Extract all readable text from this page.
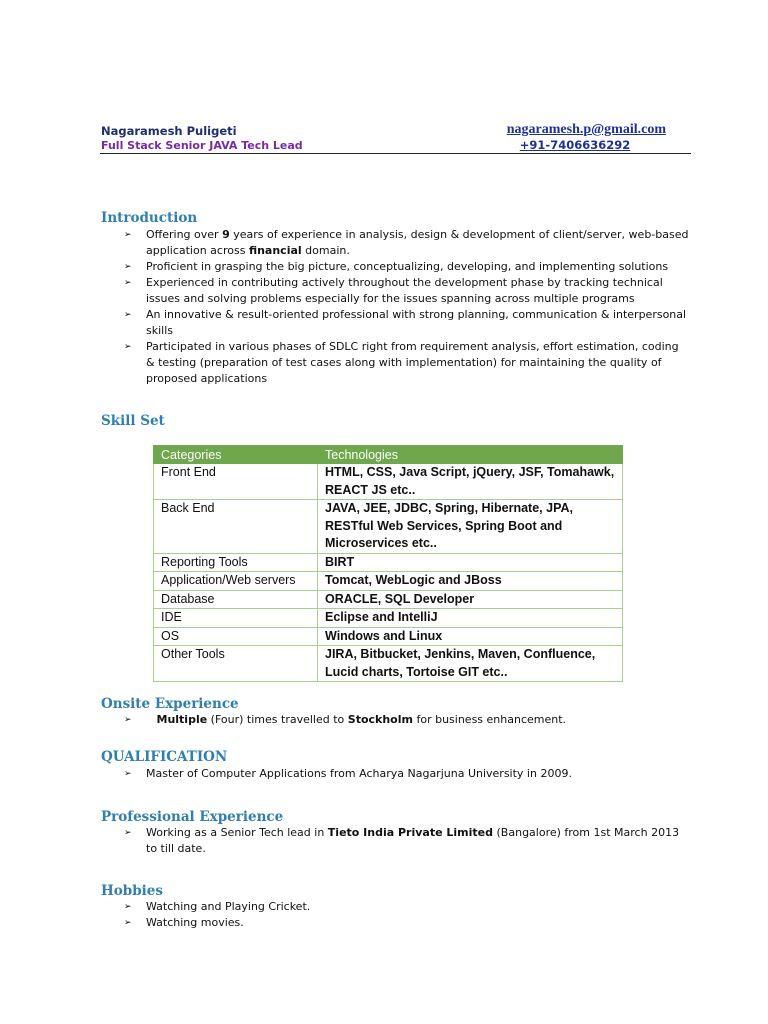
Nagaramesh Puligeti
Full Stack Senior JAVA Tech Lead
nagaramesh.p@gmail.com
+91-7406636292
Introduction
➢ Offering over 9 years of experience in analysis, design & development of client/server, web-based application across financial domain.
➢ Proficient in grasping the big picture, conceptualizing, developing, and implementing solutions
➢ Experienced in contributing actively throughout the development phase by tracking technical issues and solving problems especially for the issues spanning across multiple programs
➢ An innovative & result-oriented professional with strong planning, communication & interpersonal skills
➢ Participated in various phases of SDLC right from requirement analysis, effort estimation, coding & testing (preparation of test cases along with implementation) for maintaining the quality of proposed applications
Skill Set
Categories	Technologies
Front End	HTML, CSS, Java Script, jQuery, JSF, Tomahawk, REACT JS etc..
Back End	JAVA, JEE, JDBC, Spring, Hibernate, JPA, RESTful Web Services, Spring Boot and Microservices etc..
Reporting Tools	BIRT
Application/Web servers	Tomcat, WebLogic and JBoss
Database	ORACLE, SQL Developer
IDE	Eclipse and IntelliJ
OS	Windows and Linux
Other Tools	JIRA, Bitbucket, Jenkins, Maven, Confluence, Lucid charts, Tortoise GIT etc..
Onsite Experience
➢ Multiple (Four) times travelled to Stockholm for business enhancement.
QUALIFICATION
➢ Master of Computer Applications from Acharya Nagarjuna University in 2009.
Professional Experience
➢ Working as a Senior Tech lead in Tieto India Private Limited (Bangalore) from 1st March 2013 to till date.
Hobbies
➢ Watching and Playing Cricket.
➢ Watching movies.
